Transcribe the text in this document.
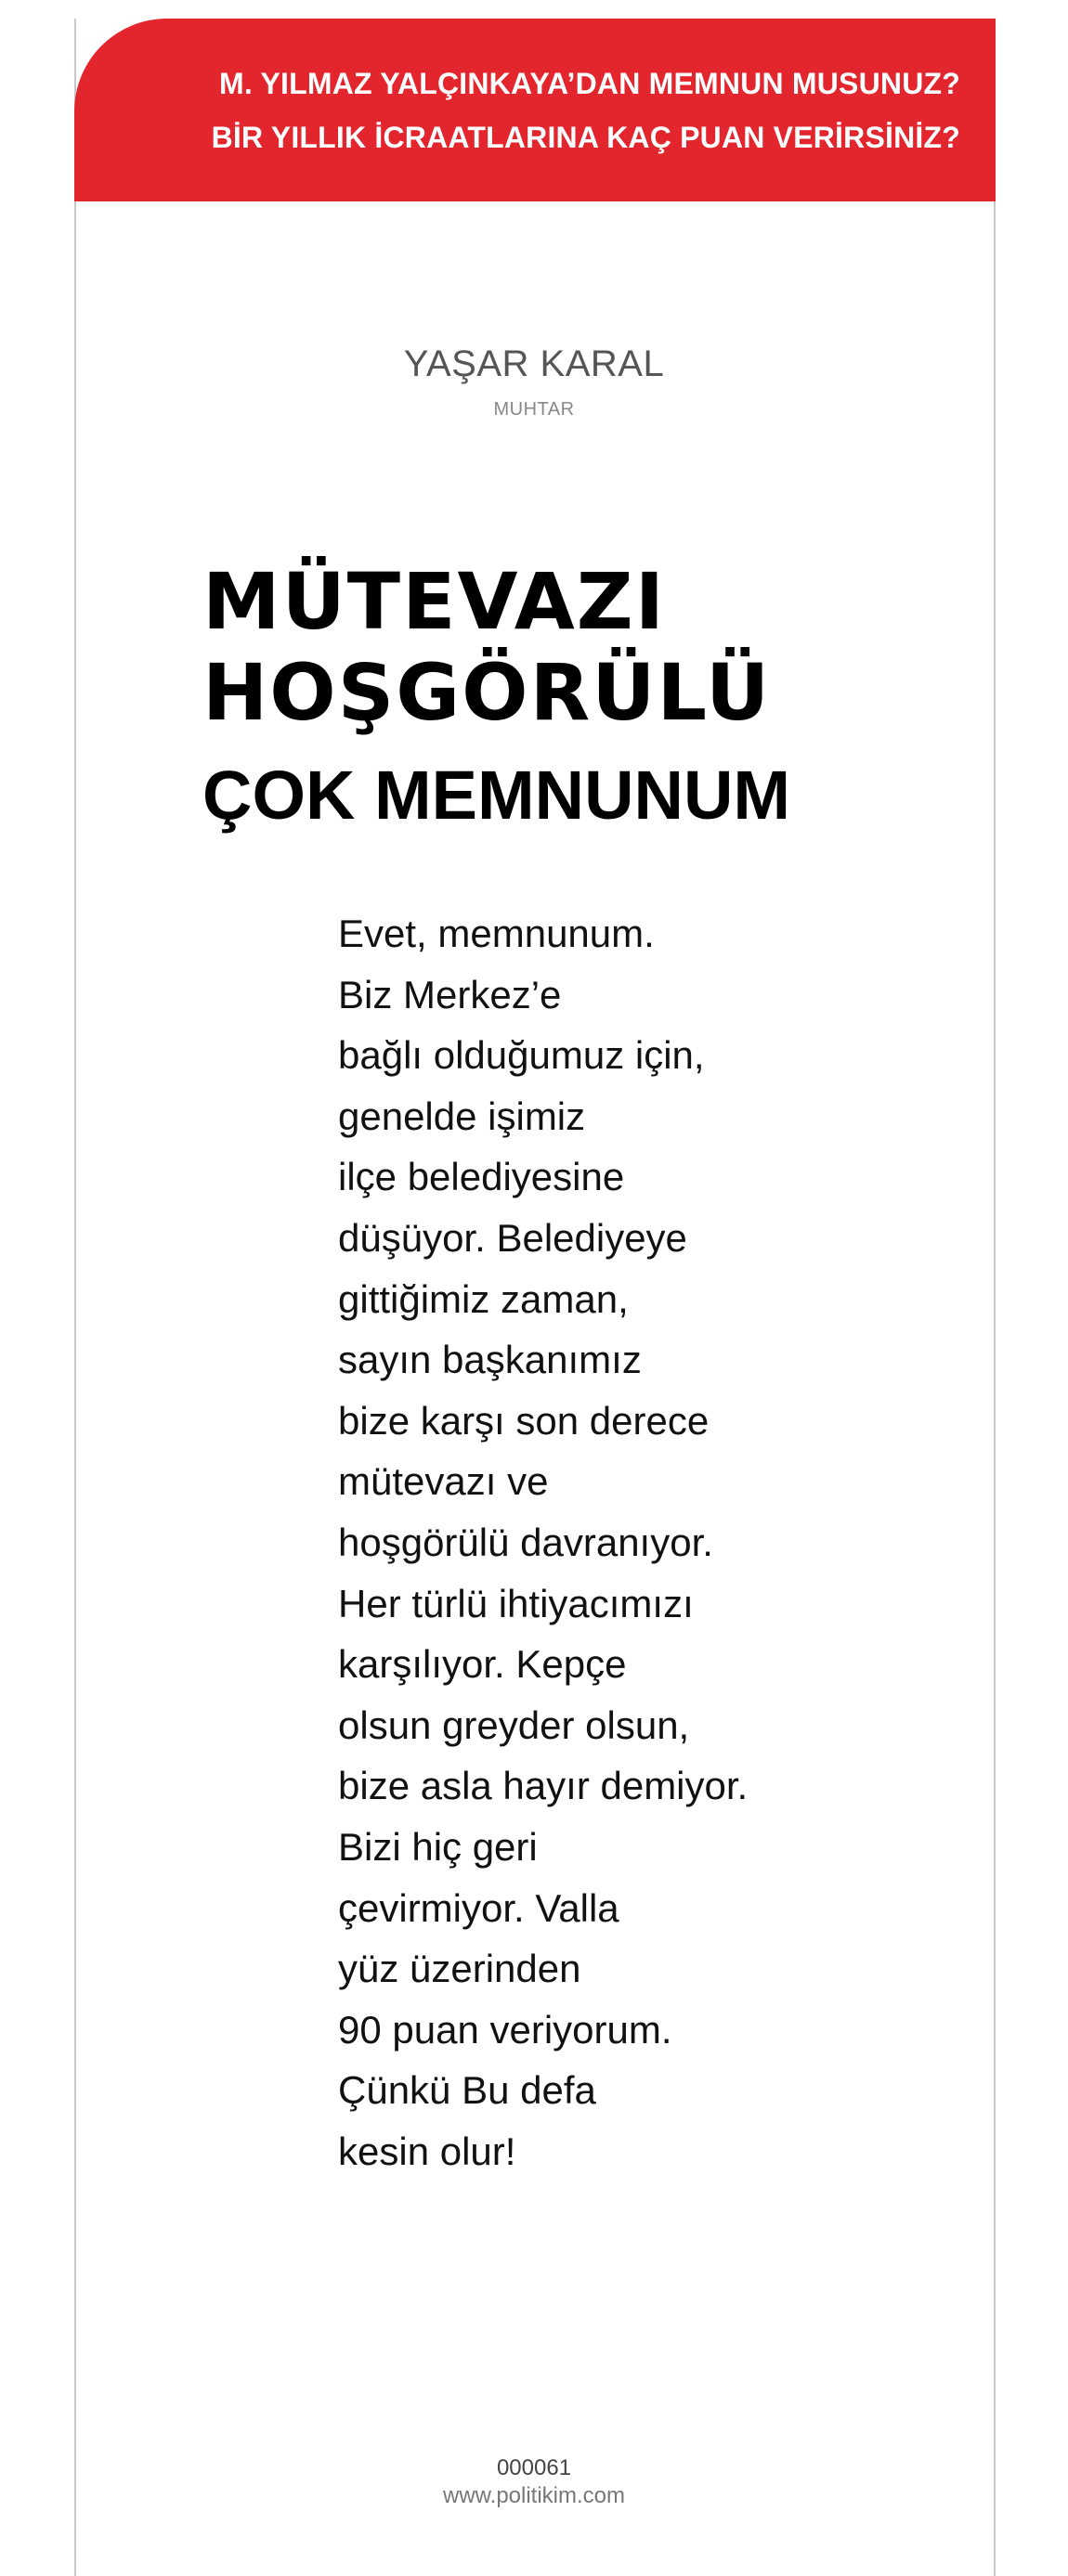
M. YILMAZ YALÇINKAYA’DAN MEMNUN MUSUNUZ?
BİR YILLIK İCRAATLARINA KAÇ PUAN VERİRSİNİZ?
YAŞAR KARAL
MUHTAR
MÜTEVAZI
HOŞGÖRÜLÜ
ÇOK MEMNUNUM
Evet, memnunum.
Biz Merkez’e
bağlı olduğumuz için,
genelde işimiz
ilçe belediyesine
düşüyor. Belediyeye
gittiğimiz zaman,
sayın başkanımız
bize karşı son derece
mütevazı ve
hoşgörülü davranıyor.
Her türlü ihtiyacımızı
karşılıyor. Kepçe
olsun greyder olsun,
bize asla hayır demiyor.
Bizi hiç geri
çevirmiyor. Valla
yüz üzerinden
90 puan veriyorum.
Çünkü Bu defa
kesin olur!
000061
www.politikim.com
